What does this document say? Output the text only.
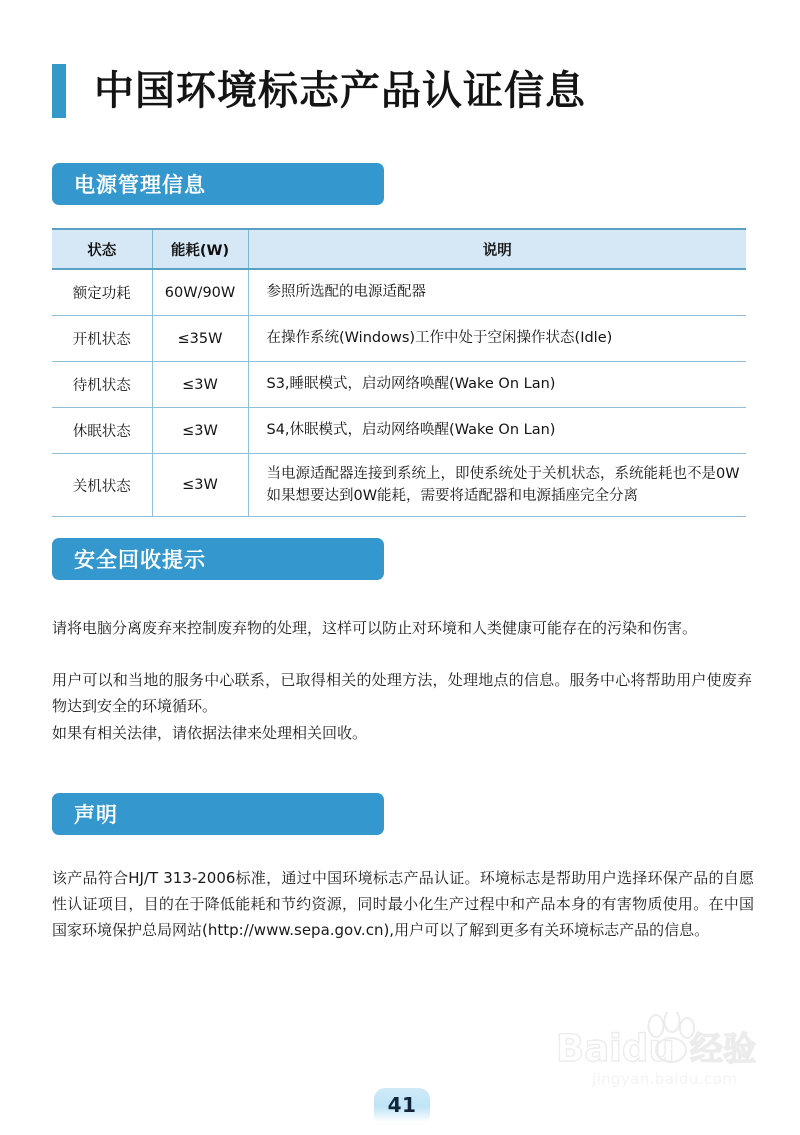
中国环境标志产品认证信息
电源管理信息
状态	能耗(W)	说明
额定功耗	60W/90W	参照所选配的电源适配器
开机状态	≤35W	在操作系统(Windows)工作中处于空闲操作状态(Idle)
待机状态	≤3W	S3,睡眠模式，启动网络唤醒(Wake On Lan)
休眠状态	≤3W	S4,休眠模式，启动网络唤醒(Wake On Lan)
关机状态	≤3W	当电源适配器连接到系统上，即使系统处于关机状态，系统能耗也不是0W 如果想要达到0W能耗，需要将适配器和电源插座完全分离
安全回收提示

请将电脑分离废弃来控制废弃物的处理，这样可以防止对环境和人类健康可能存在的污染和伤害。

用户可以和当地的服务中心联系，已取得相关的处理方法，处理地点的信息。服务中心将帮助用户使废弃物达到安全的环境循环。

如果有相关法律，请依据法律来处理相关回收。

声明

该产品符合HJ/T 313-2006标准，通过中国环境标志产品认证。环境标志是帮助用户选择环保产品的自愿性认证项目，目的在于降低能耗和节约资源，同时最小化生产过程中和产品本身的有害物质使用。在中国国家环境保护总局网站(http://www.sepa.gov.cn),用户可以了解到更多有关环境标志产品的信息。

Baidu 经验
jingyan.baidu.com
41
